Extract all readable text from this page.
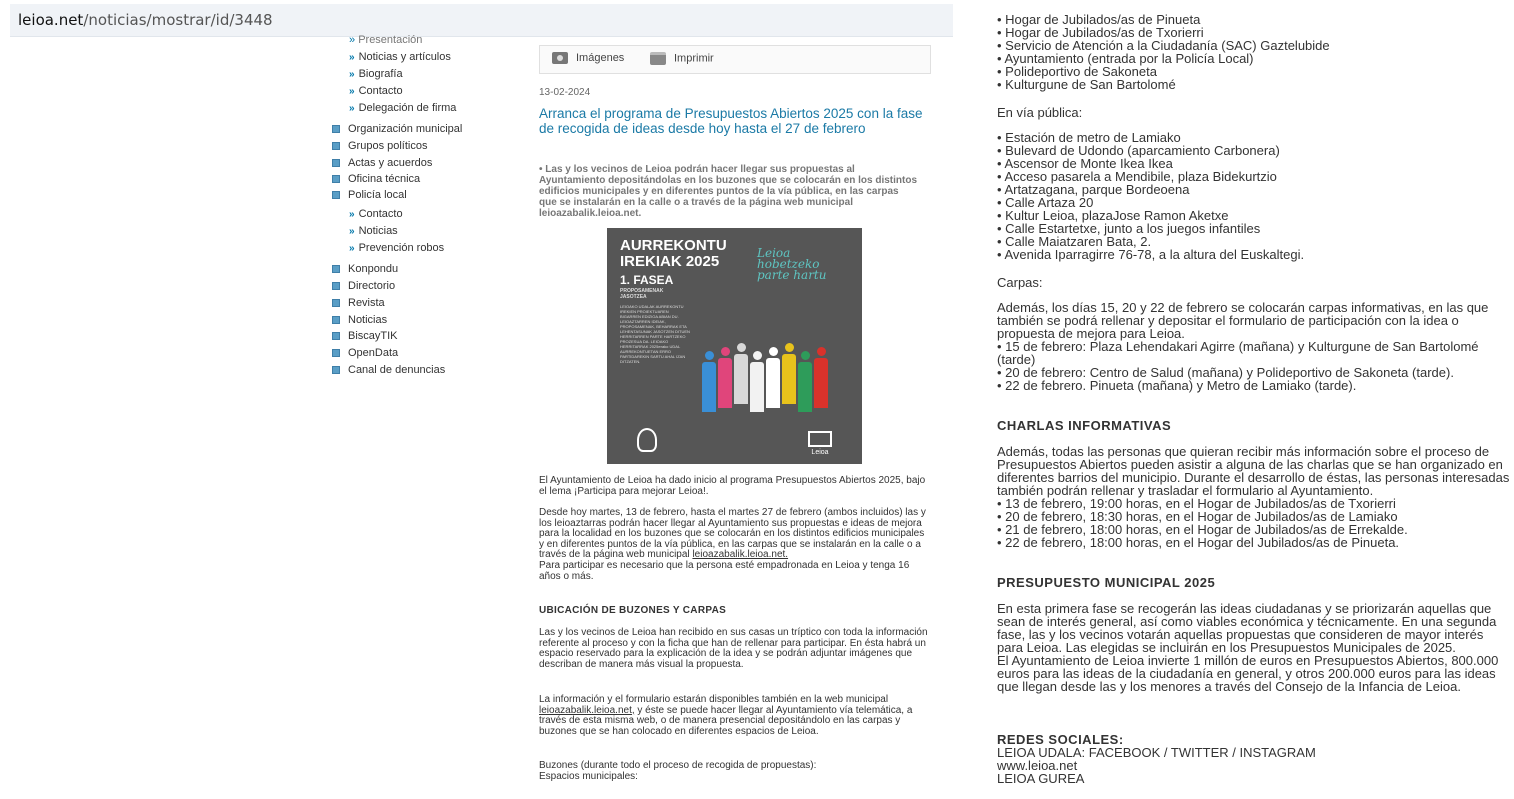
leioa.net/noticias/mostrar/id/3448
» Presentación
» Noticias y artículos
» Biografía
» Contacto
» Delegación de firma
Organización municipal
Grupos políticos
Actas y acuerdos
Oficina técnica
Policía local
» Contacto
» Noticias
» Prevención robos
Konpondu
Directorio
Revista
Noticias
BiscayTIK
OpenData
Canal de denuncias
Imágenes	Imprimir
13-02-2024
Arranca el programa de Presupuestos Abiertos 2025 con la fase de recogida de ideas desde hoy hasta el 27 de febrero
• Las y los vecinos de Leioa podrán hacer llegar sus propuestas al Ayuntamiento depositándolas en los buzones que se colocarán en los distintos edificios municipales y en diferentes puntos de la vía pública, en las carpas que se instalarán en la calle o a través de la página web municipal leioazabalik.leioa.net.
AURREKONTU
IREKIAK 2025
1. FASEA
PROPOSAMENAK
JASOTZEA
Leioa hobetzeko parte hartu
LEIOAKO UDALAK AURREKONTU IREKIEN PROIEKTUAREN BIGARREN EDIZIOA ABIAN DU. LEIOAZTARREN IDEIAK, PROPOSAMENAK, BEHARRAK ETA LEHENTASUNAK JASOTZEN DITUEN HERRITARREN PARTE HARTZEKO PROZESUA DA. LEIOAKO HERRITARRAK 2025erako UDAL AURREKONTUETAN ERRO PARTIDAREKIN SARTU AHAL IZAN DITZATEN.
Leioa
El Ayuntamiento de Leioa ha dado inicio al programa Presupuestos Abiertos 2025, bajo el lema ¡Participa para mejorar Leioa!.
Desde hoy martes, 13 de febrero, hasta el martes 27 de febrero (ambos incluidos) las y los leioaztarras podrán hacer llegar al Ayuntamiento sus propuestas e ideas de mejora para la localidad en los buzones que se colocarán en los distintos edificios municipales y en diferentes puntos de la vía pública, en las carpas que se instalarán en la calle o a través de la página web municipal leioazabalik.leioa.net.
Para participar es necesario que la persona esté empadronada en Leioa y tenga 16 años o más.
UBICACIÓN DE BUZONES Y CARPAS
Las y los vecinos de Leioa han recibido en sus casas un tríptico con toda la información referente al proceso y con la ficha que han de rellenar para participar. En ésta habrá un espacio reservado para la explicación de la idea y se podrán adjuntar imágenes que describan de manera más visual la propuesta.
La información y el formulario estarán disponibles también en la web municipal leioazabalik.leioa.net, y éste se puede hacer llegar al Ayuntamiento vía telemática, a través de esta misma web, o de manera presencial depositándolo en las carpas y buzones que se han colocado en diferentes espacios de Leioa.
Buzones (durante todo el proceso de recogida de propuestas):
Espacios municipales:
• Hogar de Jubilados/as de Pinueta
• Hogar de Jubilados/as de Txorierri
• Servicio de Atención a la Ciudadanía (SAC) Gaztelubide
• Ayuntamiento (entrada por la Policía Local)
• Polideportivo de Sakoneta
• Kulturgune de San Bartolomé
En vía pública:
• Estación de metro de Lamiako
• Bulevard de Udondo (aparcamiento Carbonera)
• Ascensor de Monte Ikea Ikea
• Acceso pasarela a Mendibile, plaza Bidekurtzio
• Artatzagana, parque Bordeoena
• Calle Artaza 20
• Kultur Leioa, plazaJose Ramon Aketxe
• Calle Estartetxe, junto a los juegos infantiles
• Calle Maiatzaren Bata, 2.
• Avenida Iparragirre 76-78, a la altura del Euskaltegi.
Carpas:
Además, los días 15, 20 y 22 de febrero se colocarán carpas informativas, en las que también se podrá rellenar y depositar el formulario de participación con la idea o propuesta de mejora para Leioa.
• 15 de febrero: Plaza Lehendakari Agirre (mañana) y Kulturgune de San Bartolomé (tarde)
• 20 de febrero: Centro de Salud (mañana) y Polideportivo de Sakoneta (tarde).
• 22 de febrero. Pinueta (mañana) y Metro de Lamiako (tarde).
CHARLAS INFORMATIVAS
Además, todas las personas que quieran recibir más información sobre el proceso de Presupuestos Abiertos pueden asistir a alguna de las charlas que se han organizado en diferentes barrios del municipio. Durante el desarrollo de éstas, las personas interesadas también podrán rellenar y trasladar el formulario al Ayuntamiento.
• 13 de febrero, 19:00 horas, en el Hogar de Jubilados/as de Txorierri
• 20 de febrero, 18:30 horas, en el Hogar de Jubilados/as de Lamiako
• 21 de febrero, 18:00 horas, en el Hogar de Jubilados/as de Errekalde.
• 22 de febrero, 18:00 horas, en el Hogar del Jubilados/as de Pinueta.
PRESUPUESTO MUNICIPAL 2025
En esta primera fase se recogerán las ideas ciudadanas y se priorizarán aquellas que sean de interés general, así como viables económica y técnicamente. En una segunda fase, las y los vecinos votarán aquellas propuestas que consideren de mayor interés para Leioa. Las elegidas se incluirán en los Presupuestos Municipales de 2025.
El Ayuntamiento de Leioa invierte 1 millón de euros en Presupuestos Abiertos, 800.000 euros para las ideas de la ciudadanía en general, y otros 200.000 euros para las ideas que llegan desde las y los menores a través del Consejo de la Infancia de Leioa.
REDES SOCIALES:
LEIOA UDALA: FACEBOOK / TWITTER / INSTAGRAM
www.leioa.net
LEIOA GUREA
